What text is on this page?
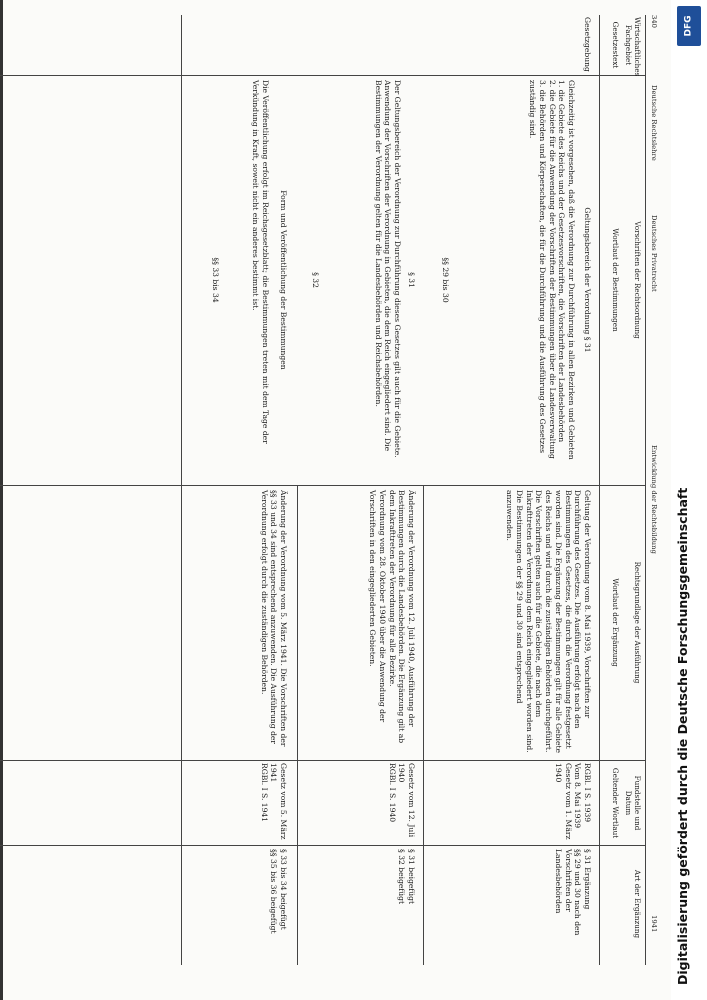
340
Deutsche Rechtslehre
Deutsches Privatrecht
Entwicklung der Rechtsbildung
1941
Wirtschaftliches Fachgebiet
Gesetzestext
Vorschriften der Rechtsordnung
Wortlaut der Bestimmungen
Rechtsgrundlage der Ausführung
Wortlaut der Ergänzung
Fundstelle und Datum
Geltender Wortlaut
Art der Ergänzung
Gesetzgebung
Geltungsbereich der Verordnung § 31
Gleichzeitig ist vorgesehen, daß die Verordnung zur Durchführung in allen Bezirken und Gebieten
1. die Gebiete des Reichs und der Gesetzesvorschriften, die Vorschriften der Landesbehörden
2. die Gebiete für die Anwendung der Vorschriften der Bestimmungen über die Landesverwaltung
3. die Behörden und Körperschaften, die für die Durchführung und die Ausführung des Gesetzes zuständig sind.
§§ 29 bis 30
Geltung der Verordnung vom 8. Mai 1939, Vorschriften zur Durchführung des Gesetzes. Die Ausführung erfolgt nach den Bestimmungen des Gesetzes, die durch die Verordnung festgesetzt worden sind. Die Ergänzung der Bestimmungen gilt für alle Gebiete des Reichs und wird durch die zuständigen Behörden durchgeführt.
Die Vorschriften gelten auch für die Gebiete, die nach dem Inkrafttreten der Verordnung dem Reich eingegliedert worden sind.
Die Bestimmungen der §§ 29 und 30 sind entsprechend anzuwenden.
RGBl. I S. 1939
Vom 8. Mai 1939
Gesetz vom 1. März 1940
§ 31 Ergänzung
§§ 29 und 30 nach den Vorschriften der Landesbehörden
§ 31
Der Geltungsbereich der Verordnung zur Durchführung dieses Gesetzes gilt auch für die Gebiete.
Anwendung der Vorschriften der Verordnung in Gebieten, die dem Reich eingegliedert sind. Die Bestimmungen der Verordnung gelten für die Landesbehörden und Reichsbehörden.
§ 32
Änderung der Verordnung vom 12. Juli 1940, Ausführung der Bestimmungen durch die Landesbehörden. Die Ergänzung gilt ab dem Inkrafttreten der Verordnung für alle Bezirke.
Verordnung vom 28. Oktober 1940 über die Anwendung der Vorschriften in den eingegliederten Gebieten.
Gesetz vom 12. Juli 1940
RGBl. I S. 1940
§ 31 beigefügt
§ 32 beigefügt
Form und Veröffentlichung der Bestimmungen
Die Veröffentlichung erfolgt im Reichsgesetzblatt; die Bestimmungen treten mit dem Tage der Verkündung in Kraft, soweit nicht ein anderes bestimmt ist.
§§ 33 bis 34
Änderung der Verordnung vom 5. März 1941. Die Vorschriften der §§ 33 und 34 sind entsprechend anzuwenden. Die Ausführung der Verordnung erfolgt durch die zuständigen Behörden.
Gesetz vom 5. März 1941
RGBl. I S. 1941
§ 33 bis 34 beigefügt
§§ 35 bis 36 beigefügt
DFG
Digitalisierung gefördert durch die Deutsche Forschungsgemeinschaft
